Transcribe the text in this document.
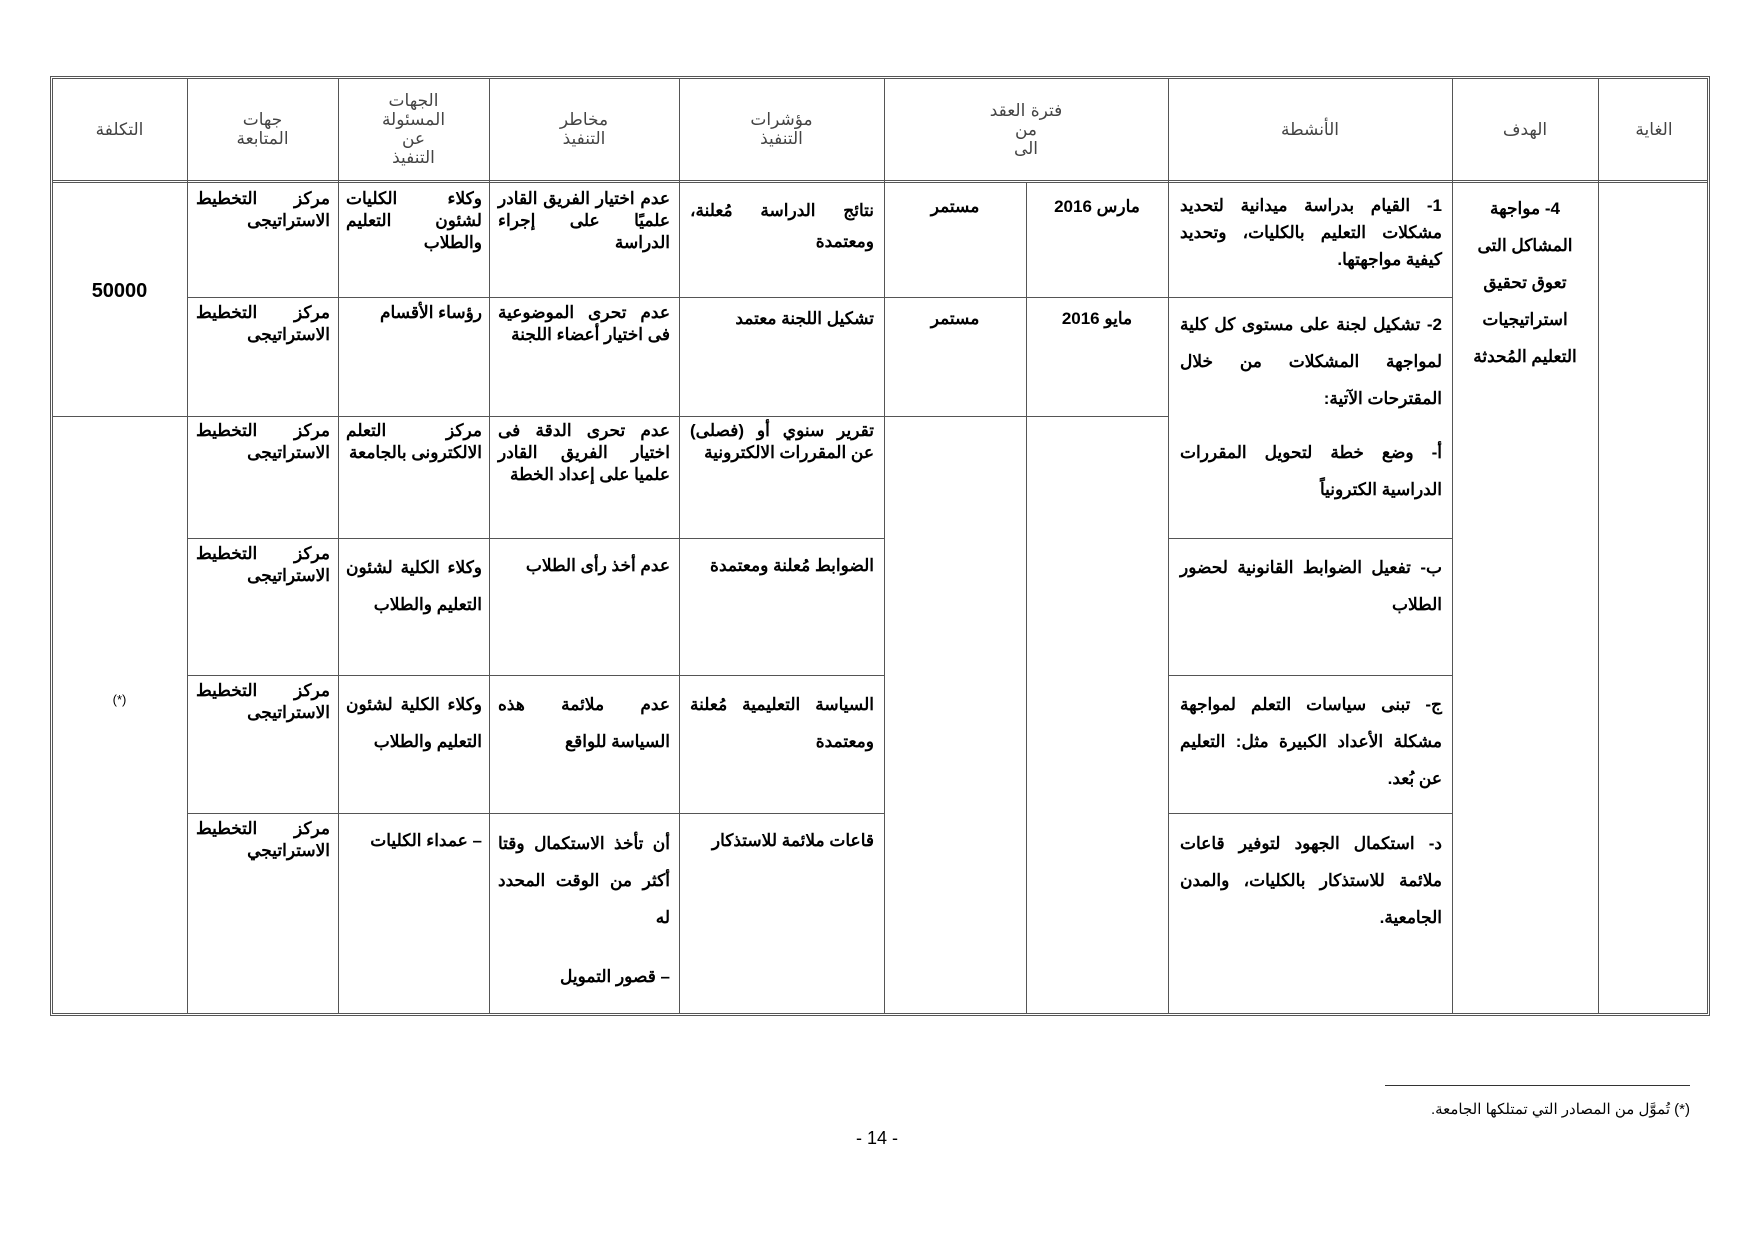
الغاية
الهدف
الأنشطة
فترة العقد
من
الى
مؤشرات
التنفيذ
مخاطر
التنفيذ
الجهات
المسئولة
عن
التنفيذ
جهات
المتابعة
التكلفة
4- مواجهة المشاكل التى تعوق تحقيق استراتيجيات التعليم المُحدثة
50000
(*)
1- القيام بدراسة ميدانية لتحديد مشكلات التعليم بالكليات، وتحديد كيفية مواجهتها.
مارس 2016
مستمر
نتائج الدراسة مُعلنة، ومعتمدة
عدم اختيار الفريق القادر علميًا على إجراء الدراسة
وكلاء الكليات لشئون التعليم والطلاب
مركز التخطيط الاستراتيجى
2- تشكيل لجنة على مستوى كل كلية لمواجهة المشكلات من خلال المقترحات الآتية:
مايو 2016
مستمر
تشكيل اللجنة معتمد
عدم تحرى الموضوعية فى اختيار أعضاء اللجنة
رؤساء الأقسام
مركز التخطيط الاستراتيجى
أ- وضع خطة لتحويل المقررات الدراسية الكترونياً
تقرير سنوي أو (فصلى) عن المقررات الالكترونية
عدم تحرى الدقة فى اختيار الفريق القادر علميا على إعداد الخطة
مركز التعلم الالكترونى بالجامعة
مركز التخطيط الاستراتيجى
ب- تفعيل الضوابط القانونية لحضور الطلاب
الضوابط مُعلنة ومعتمدة
عدم أخذ رأى الطلاب
وكلاء الكلية لشئون التعليم والطلاب
مركز التخطيط الاستراتيجى
ج- تبنى سياسات التعلم لمواجهة مشكلة الأعداد الكبيرة مثل: التعليم عن بُعد.
السياسة التعليمية مُعلنة ومعتمدة
عدم ملائمة هذه السياسة للواقع
وكلاء الكلية لشئون التعليم والطلاب
مركز التخطيط الاستراتيجى
د- استكمال الجهود لتوفير قاعات ملائمة للاستذكار بالكليات، والمدن الجامعية.
قاعات ملائمة للاستذكار
أن تأخذ الاستكمال وقتا أكثر من الوقت المحدد له
– قصور التمويل
– عمداء الكليات
مركز التخطيط الاستراتيجي
(*) تُموَّل من المصادر التي تمتلكها الجامعة.
- 14 -
